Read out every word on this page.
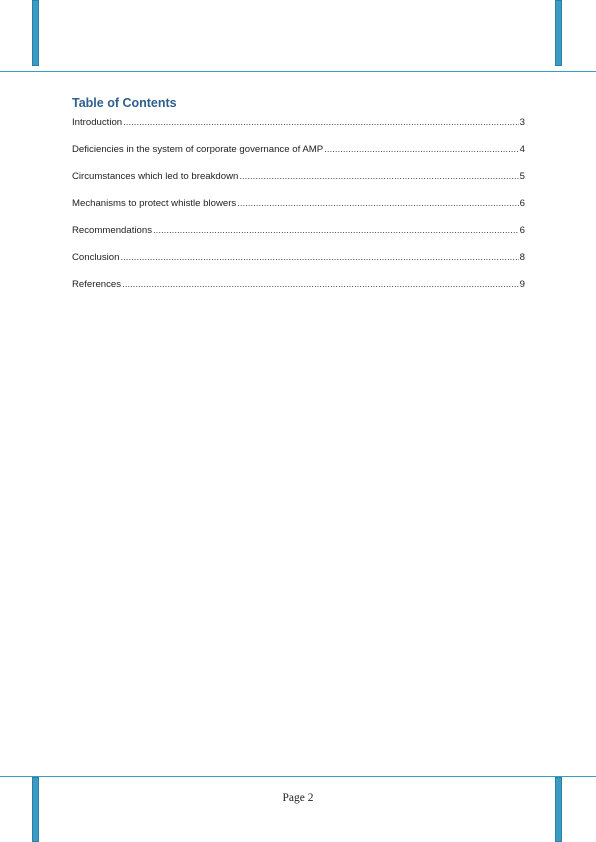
Table of Contents
Introduction .....	3
Deficiencies in the system of corporate governance of AMP .....	4
Circumstances which led to breakdown .....	5
Mechanisms to protect whistle blowers .....	6
Recommendations .....	6
Conclusion .....	8
References .....	9
Page 2
